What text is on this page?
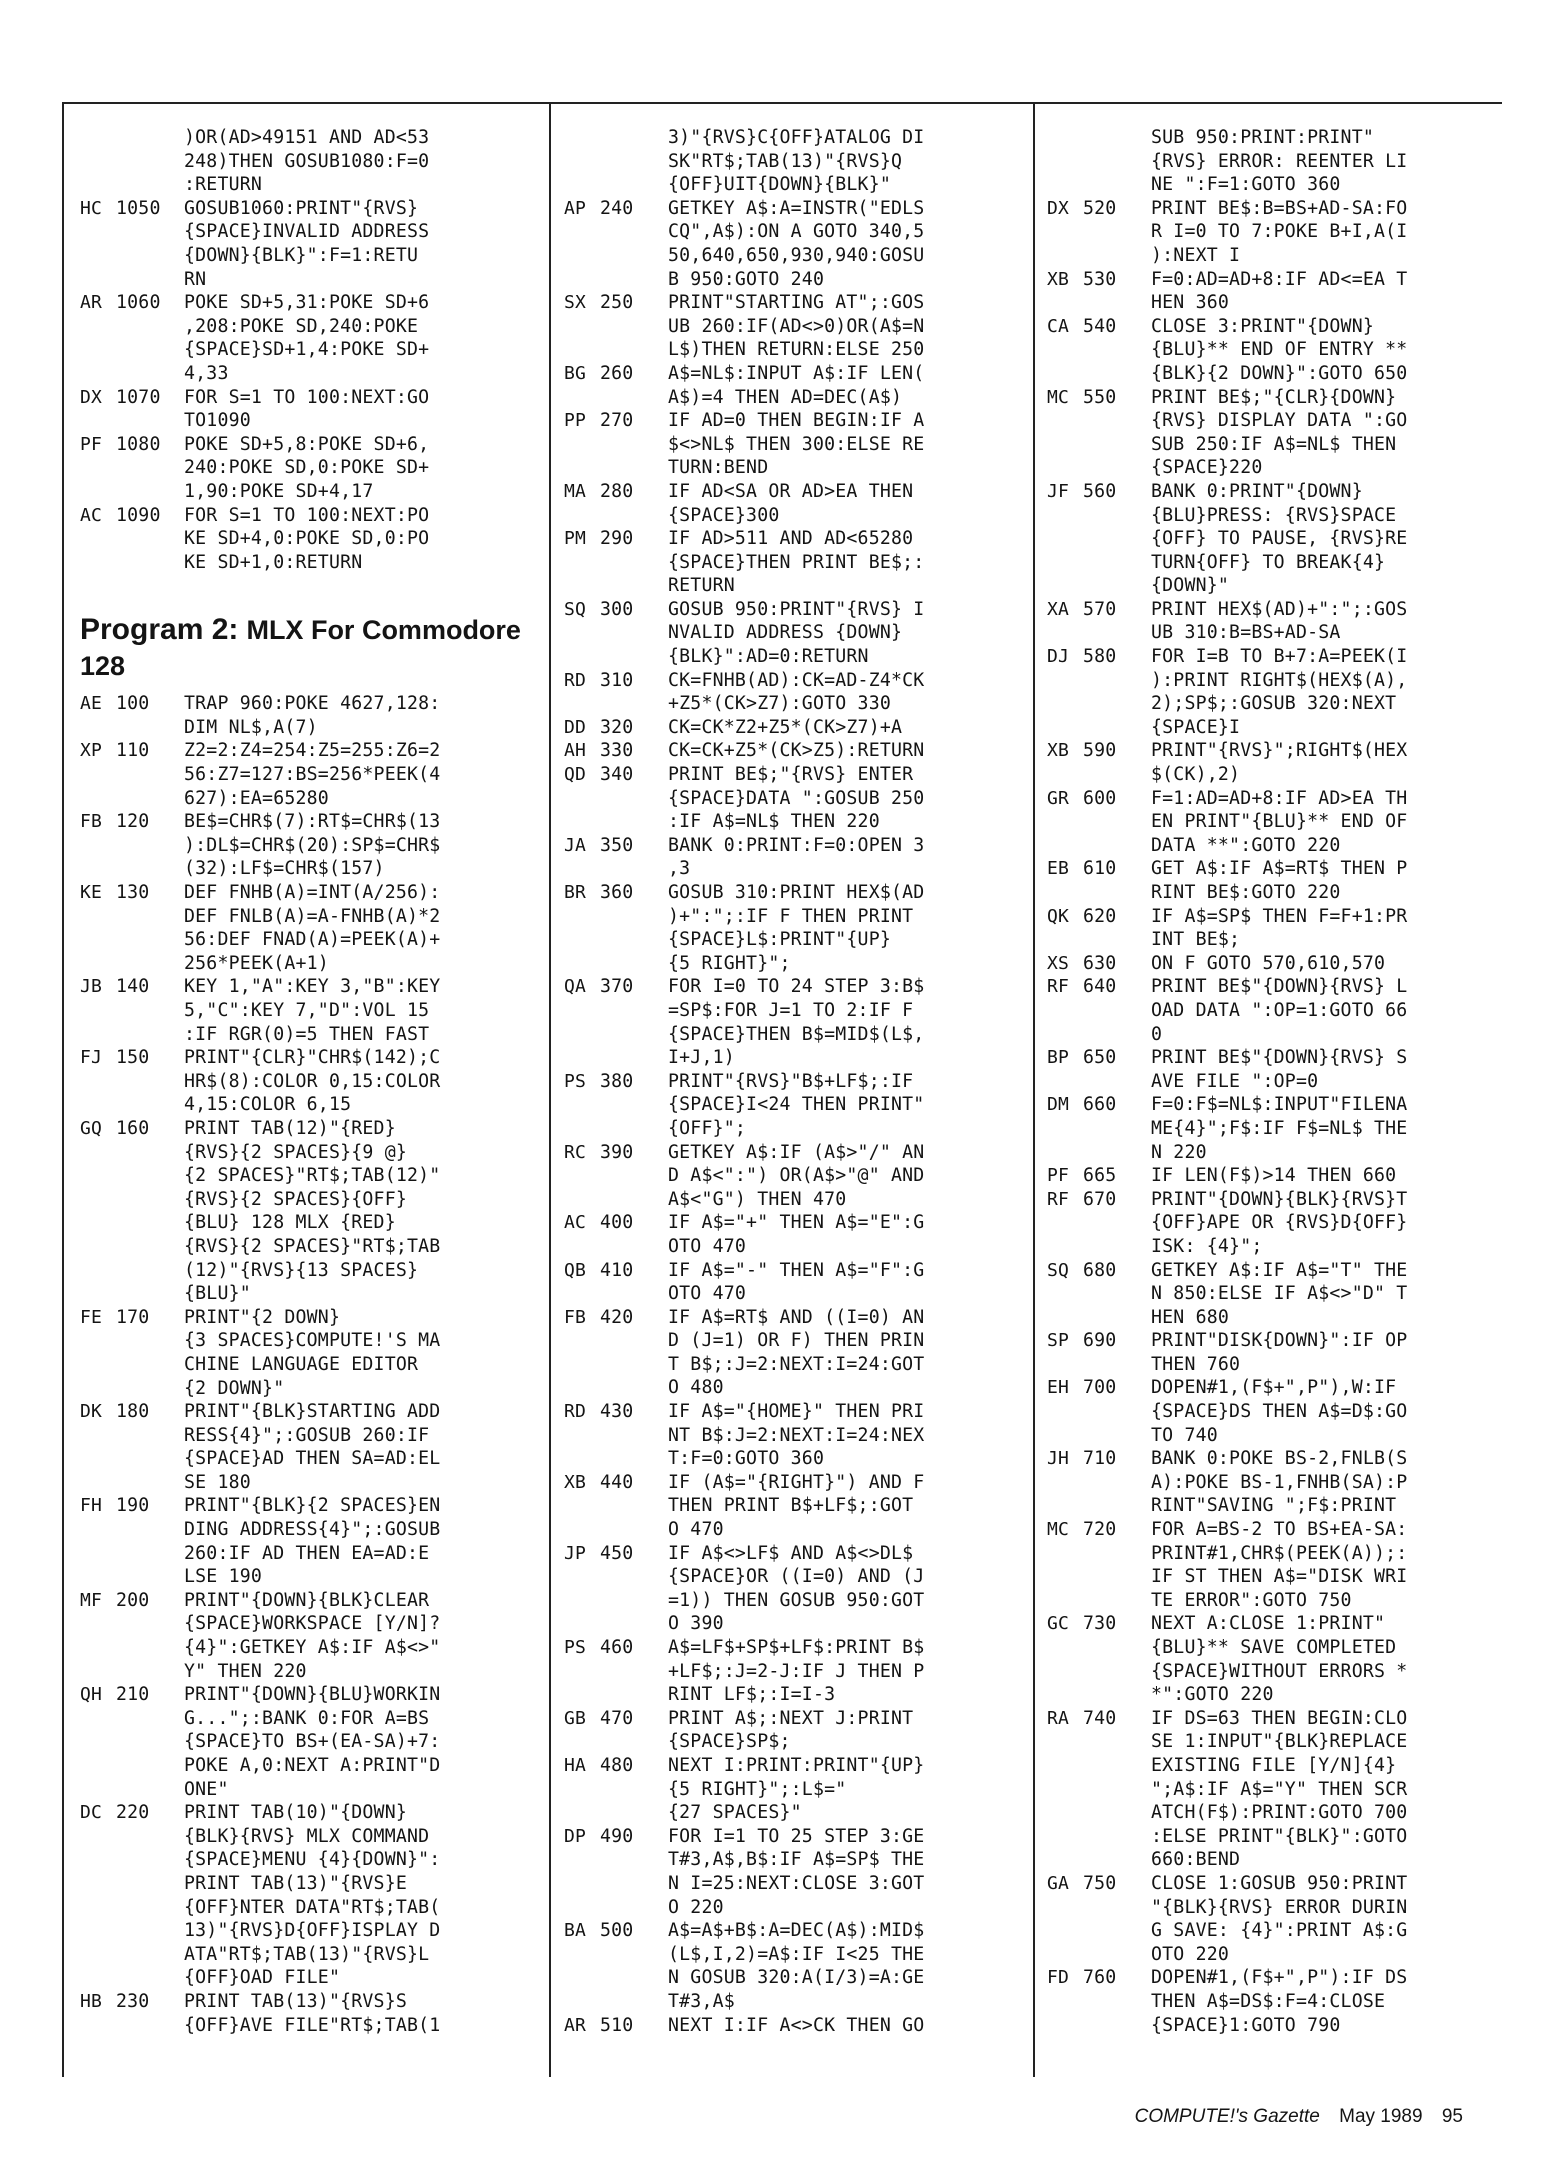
)OR(AD>49151 AND AD<53
248)THEN GOSUB1080:F=0
:RETURN
HC 1050	GOSUB1060:PRINT"{RVS}
{SPACE}INVALID ADDRESS
{DOWN}{BLK}":F=1:RETU
RN
AR 1060	POKE SD+5,31:POKE SD+6
,208:POKE SD,240:POKE
{SPACE}SD+1,4:POKE SD+
4,33
DX 1070	FOR S=1 TO 100:NEXT:GO
TO1090
PF 1080	POKE SD+5,8:POKE SD+6,
240:POKE SD,0:POKE SD+
1,90:POKE SD+4,17
AC 1090	FOR S=1 TO 100:NEXT:PO
KE SD+4,0:POKE SD,0:PO
KE SD+1,0:RETURN
Program 2: MLX For Commodore
128
AE 100	TRAP 960:POKE 4627,128:
DIM NL$,A(7)
XP 110	Z2=2:Z4=254:Z5=255:Z6=2
56:Z7=127:BS=256*PEEK(4
627):EA=65280
FB 120	BE$=CHR$(7):RT$=CHR$(13
):DL$=CHR$(20):SP$=CHR$
(32):LF$=CHR$(157)
KE 130	DEF FNHB(A)=INT(A/256):
DEF FNLB(A)=A-FNHB(A)*2
56:DEF FNAD(A)=PEEK(A)+
256*PEEK(A+1)
JB 140	KEY 1,"A":KEY 3,"B":KEY
5,"C":KEY 7,"D":VOL 15
:IF RGR(0)=5 THEN FAST
FJ 150	PRINT"{CLR}"CHR$(142);C
HR$(8):COLOR 0,15:COLOR
4,15:COLOR 6,15
GQ 160	PRINT TAB(12)"{RED}
{RVS}{2 SPACES}{9 @}
{2 SPACES}"RT$;TAB(12)"
{RVS}{2 SPACES}{OFF}
{BLU} 128 MLX {RED}
{RVS}{2 SPACES}"RT$;TAB
(12)"{RVS}{13 SPACES}
{BLU}"
FE 170	PRINT"{2 DOWN}
{3 SPACES}COMPUTE!'S MA
CHINE LANGUAGE EDITOR
{2 DOWN}"
DK 180	PRINT"{BLK}STARTING ADD
RESS{4}";:GOSUB 260:IF
{SPACE}AD THEN SA=AD:EL
SE 180
FH 190	PRINT"{BLK}{2 SPACES}EN
DING ADDRESS{4}";:GOSUB
260:IF AD THEN EA=AD:E
LSE 190
MF 200	PRINT"{DOWN}{BLK}CLEAR
{SPACE}WORKSPACE [Y/N]?
{4}":GETKEY A$:IF A$<>"
Y" THEN 220
QH 210	PRINT"{DOWN}{BLU}WORKIN
G...";:BANK 0:FOR A=BS
{SPACE}TO BS+(EA-SA)+7:
POKE A,0:NEXT A:PRINT"D
ONE"
DC 220	PRINT TAB(10)"{DOWN}
{BLK}{RVS} MLX COMMAND
{SPACE}MENU {4}{DOWN}":
PRINT TAB(13)"{RVS}E
{OFF}NTER DATA"RT$;TAB(
13)"{RVS}D{OFF}ISPLAY D
ATA"RT$;TAB(13)"{RVS}L
{OFF}OAD FILE"
HB 230	PRINT TAB(13)"{RVS}S
{OFF}AVE FILE"RT$;TAB(1
3)"{RVS}C{OFF}ATALOG DI
SK"RT$;TAB(13)"{RVS}Q
{OFF}UIT{DOWN}{BLK}"
AP 240	GETKEY A$:A=INSTR("EDLS
CQ",A$):ON A GOTO 340,5
50,640,650,930,940:GOSU
B 950:GOTO 240
SX 250	PRINT"STARTING AT";:GOS
UB 260:IF(AD<>0)OR(A$=N
L$)THEN RETURN:ELSE 250
BG 260	A$=NL$:INPUT A$:IF LEN(
A$)=4 THEN AD=DEC(A$)
PP 270	IF AD=0 THEN BEGIN:IF A
$<>NL$ THEN 300:ELSE RE
TURN:BEND
MA 280	IF AD<SA OR AD>EA THEN
{SPACE}300
PM 290	IF AD>511 AND AD<65280
{SPACE}THEN PRINT BE$;:
RETURN
SQ 300	GOSUB 950:PRINT"{RVS} I
NVALID ADDRESS {DOWN}
{BLK}":AD=0:RETURN
RD 310	CK=FNHB(AD):CK=AD-Z4*CK
+Z5*(CK>Z7):GOTO 330
DD 320	CK=CK*Z2+Z5*(CK>Z7)+A
AH 330	CK=CK+Z5*(CK>Z5):RETURN
QD 340	PRINT BE$;"{RVS} ENTER
{SPACE}DATA ":GOSUB 250
:IF A$=NL$ THEN 220
JA 350	BANK 0:PRINT:F=0:OPEN 3
,3
BR 360	GOSUB 310:PRINT HEX$(AD
)+":";:IF F THEN PRINT
{SPACE}L$:PRINT"{UP}
{5 RIGHT}";
QA 370	FOR I=0 TO 24 STEP 3:B$
=SP$:FOR J=1 TO 2:IF F
{SPACE}THEN B$=MID$(L$,
I+J,1)
PS 380	PRINT"{RVS}"B$+LF$;:IF
{SPACE}I<24 THEN PRINT"
{OFF}";
RC 390	GETKEY A$:IF (A$>"/" AN
D A$<":") OR(A$>"@" AND
A$<"G") THEN 470
AC 400	IF A$="+" THEN A$="E":G
OTO 470
QB 410	IF A$="-" THEN A$="F":G
OTO 470
FB 420	IF A$=RT$ AND ((I=0) AN
D (J=1) OR F) THEN PRIN
T B$;:J=2:NEXT:I=24:GOT
O 480
RD 430	IF A$="{HOME}" THEN PRI
NT B$:J=2:NEXT:I=24:NEX
T:F=0:GOTO 360
XB 440	IF (A$="{RIGHT}") AND F
THEN PRINT B$+LF$;:GOT
O 470
JP 450	IF A$<>LF$ AND A$<>DL$
{SPACE}OR ((I=0) AND (J
=1)) THEN GOSUB 950:GOT
O 390
PS 460	A$=LF$+SP$+LF$:PRINT B$
+LF$;:J=2-J:IF J THEN P
RINT LF$;:I=I-3
GB 470	PRINT A$;:NEXT J:PRINT
{SPACE}SP$;
HA 480	NEXT I:PRINT:PRINT"{UP}
{5 RIGHT}";:L$="
{27 SPACES}"
DP 490	FOR I=1 TO 25 STEP 3:GE
T#3,A$,B$:IF A$=SP$ THE
N I=25:NEXT:CLOSE 3:GOT
O 220
BA 500	A$=A$+B$:A=DEC(A$):MID$
(L$,I,2)=A$:IF I<25 THE
N GOSUB 320:A(I/3)=A:GE
T#3,A$
AR 510	NEXT I:IF A<>CK THEN GO
SUB 950:PRINT:PRINT"
{RVS} ERROR: REENTER LI
NE ":F=1:GOTO 360
DX 520	PRINT BE$:B=BS+AD-SA:FO
R I=0 TO 7:POKE B+I,A(I
):NEXT I
XB 530	F=0:AD=AD+8:IF AD<=EA T
HEN 360
CA 540	CLOSE 3:PRINT"{DOWN}
{BLU}** END OF ENTRY **
{BLK}{2 DOWN}":GOTO 650
MC 550	PRINT BE$;"{CLR}{DOWN}
{RVS} DISPLAY DATA ":GO
SUB 250:IF A$=NL$ THEN
{SPACE}220
JF 560	BANK 0:PRINT"{DOWN}
{BLU}PRESS: {RVS}SPACE
{OFF} TO PAUSE, {RVS}RE
TURN{OFF} TO BREAK{4}
{DOWN}"
XA 570	PRINT HEX$(AD)+":";:GOS
UB 310:B=BS+AD-SA
DJ 580	FOR I=B TO B+7:A=PEEK(I
):PRINT RIGHT$(HEX$(A),
2);SP$;:GOSUB 320:NEXT
{SPACE}I
XB 590	PRINT"{RVS}";RIGHT$(HEX
$(CK),2)
GR 600	F=1:AD=AD+8:IF AD>EA TH
EN PRINT"{BLU}** END OF
DATA **":GOTO 220
EB 610	GET A$:IF A$=RT$ THEN P
RINT BE$:GOTO 220
QK 620	IF A$=SP$ THEN F=F+1:PR
INT BE$;
XS 630	ON F GOTO 570,610,570
RF 640	PRINT BE$"{DOWN}{RVS} L
OAD DATA ":OP=1:GOTO 66
0
BP 650	PRINT BE$"{DOWN}{RVS} S
AVE FILE ":OP=0
DM 660	F=0:F$=NL$:INPUT"FILENA
ME{4}";F$:IF F$=NL$ THE
N 220
PF 665	IF LEN(F$)>14 THEN 660
RF 670	PRINT"{DOWN}{BLK}{RVS}T
{OFF}APE OR {RVS}D{OFF}
ISK: {4}";
SQ 680	GETKEY A$:IF A$="T" THE
N 850:ELSE IF A$<>"D" T
HEN 680
SP 690	PRINT"DISK{DOWN}":IF OP
THEN 760
EH 700	DOPEN#1,(F$+",P"),W:IF
{SPACE}DS THEN A$=D$:GO
TO 740
JH 710	BANK 0:POKE BS-2,FNLB(S
A):POKE BS-1,FNHB(SA):P
RINT"SAVING ";F$:PRINT
MC 720	FOR A=BS-2 TO BS+EA-SA:
PRINT#1,CHR$(PEEK(A));:
IF ST THEN A$="DISK WRI
TE ERROR":GOTO 750
GC 730	NEXT A:CLOSE 1:PRINT"
{BLU}** SAVE COMPLETED
{SPACE}WITHOUT ERRORS *
*":GOTO 220
RA 740	IF DS=63 THEN BEGIN:CLO
SE 1:INPUT"{BLK}REPLACE
EXISTING FILE [Y/N]{4}
";A$:IF A$="Y" THEN SCR
ATCH(F$):PRINT:GOTO 700
:ELSE PRINT"{BLK}":GOTO
660:BEND
GA 750	CLOSE 1:GOSUB 950:PRINT
"{BLK}{RVS} ERROR DURIN
G SAVE: {4}":PRINT A$:G
OTO 220
FD 760	DOPEN#1,(F$+",P"):IF DS
THEN A$=DS$:F=4:CLOSE
{SPACE}1:GOTO 790
COMPUTE!'s Gazette May 1989 95
